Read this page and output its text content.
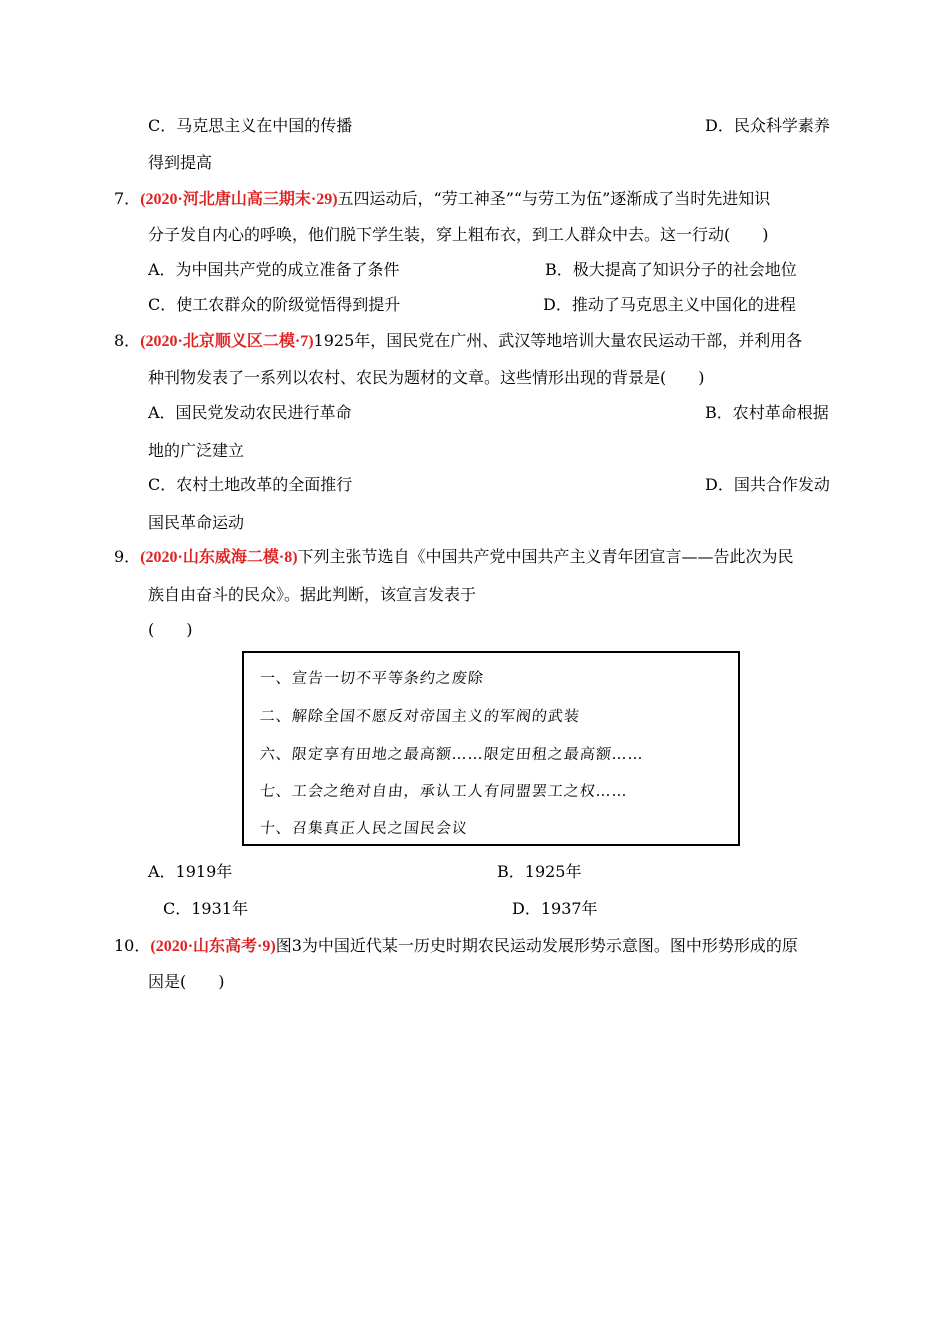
C．马克思主义在中国的传播	D．民众科学素养
得到提高
7．(2020·河北唐山高三期末·29)五四运动后，“劳工神圣”“与劳工为伍”逐渐成了当时先进知识
分子发自内心的呼唤，他们脱下学生装，穿上粗布衣，到工人群众中去。这一行动(　　)
A．为中国共产党的成立准备了条件	B．极大提高了知识分子的社会地位
C．使工农群众的阶级觉悟得到提升	D．推动了马克思主义中国化的进程
8．(2020·北京顺义区二模·7)1925年，国民党在广州、武汉等地培训大量农民运动干部，并利用各
种刊物发表了一系列以农村、农民为题材的文章。这些情形出现的背景是(　　)
A．国民党发动农民进行革命	B．农村革命根据
地的广泛建立
C．农村土地改革的全面推行	D．国共合作发动
国民革命运动
9．(2020·山东威海二模·8)下列主张节选自《中国共产党中国共产主义青年团宣言——告此次为民
族自由奋斗的民众》。据此判断，该宣言发表于
(　　)
一、宣告一切不平等条约之废除
二、解除全国不愿反对帝国主义的军阀的武装
六、限定享有田地之最高额……限定田租之最高额……
七、工会之绝对自由，承认工人有同盟罢工之权……
十、召集真正人民之国民会议
A．1919年	B．1925年
C．1931年	D．1937年
10．(2020·山东高考·9)图3为中国近代某一历史时期农民运动发展形势示意图。图中形势形成的原
因是(　　)
